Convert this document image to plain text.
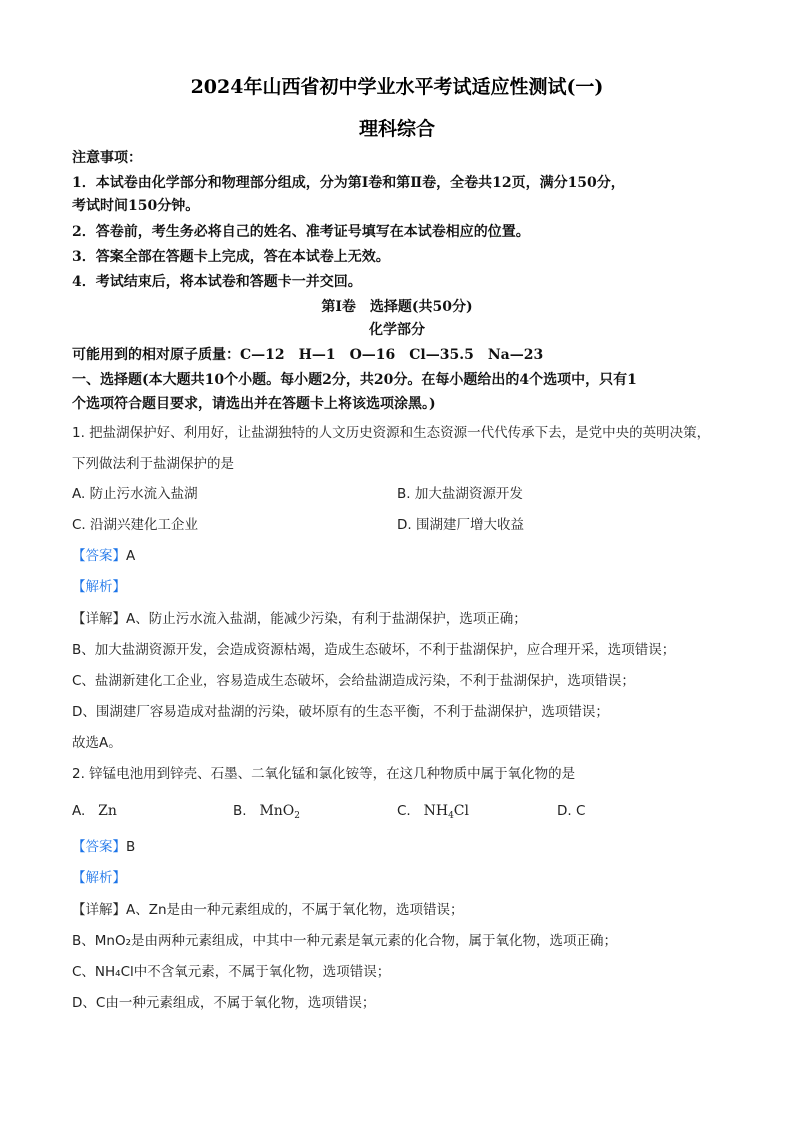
2024年山西省初中学业水平考试适应性测试(一)
理科综合
注意事项：
1．本试卷由化学部分和物理部分组成，分为第Ⅰ卷和第Ⅱ卷，全卷共12页，满分150分，
考试时间150分钟。
2．答卷前，考生务必将自己的姓名、准考证号填写在本试卷相应的位置。
3．答案全部在答题卡上完成，答在本试卷上无效。
4．考试结束后，将本试卷和答题卡一并交回。
第Ⅰ卷　选择题(共50分)
化学部分
可能用到的相对原子质量：C—12　H—1　O—16　Cl—35.5　Na—23
一、选择题(本大题共10个小题。每小题2分，共20分。在每小题给出的4个选项中，只有1
个选项符合题目要求，请选出并在答题卡上将该选项涂黑。)
1. 把盐湖保护好、利用好，让盐湖独特的人文历史资源和生态资源一代代传承下去，是党中央的英明决策，
下列做法利于盐湖保护的是
A. 防止污水流入盐湖	B. 加大盐湖资源开发
C. 沿湖兴建化工企业	D. 围湖建厂增大收益
【答案】A
【解析】
【详解】A、防止污水流入盐湖，能减少污染，有利于盐湖保护，选项正确；
B、加大盐湖资源开发，会造成资源枯竭，造成生态破坏，不利于盐湖保护，应合理开采，选项错误；
C、盐湖新建化工企业，容易造成生态破坏，会给盐湖造成污染，不利于盐湖保护，选项错误；
D、围湖建厂容易造成对盐湖的污染，破坏原有的生态平衡，不利于盐湖保护，选项错误；
故选A。
2. 锌锰电池用到锌壳、石墨、二氧化锰和氯化铵等，在这几种物质中属于氧化物的是
A. Zn	B. MnO$_2$	C. $NH_4Cl$	D. C
【答案】B
【解析】
【详解】A、Zn是由一种元素组成的，不属于氧化物，选项错误；
B、MnO₂是由两种元素组成，中其中一种元素是氧元素的化合物，属于氧化物，选项正确；
C、NH₄Cl中不含氧元素，不属于氧化物，选项错误；
D、C由一种元素组成，不属于氧化物，选项错误；
